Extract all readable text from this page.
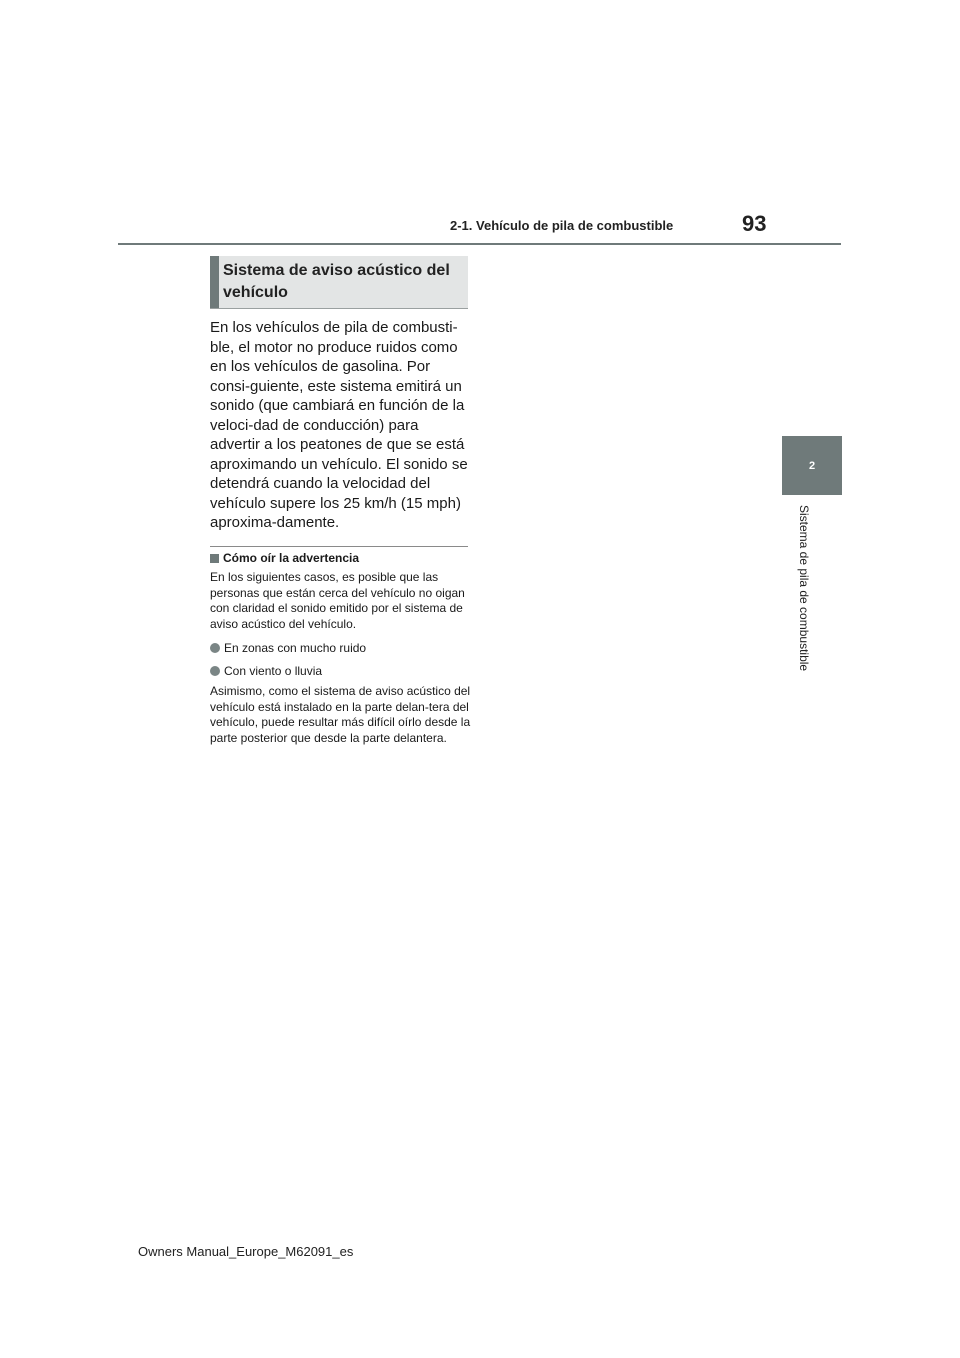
2-1. Vehículo de pila de combustible	93
2
Sistema de pila de combustible
Sistema de aviso acústico del vehículo

En los vehículos de pila de combusti-ble, el motor no produce ruidos como en los vehículos de gasolina. Por consi-guiente, este sistema emitirá un sonido (que cambiará en función de la veloci-dad de conducción) para advertir a los peatones de que se está aproximando un vehículo. El sonido se detendrá cuando la velocidad del vehículo supere los 25 km/h (15 mph) aproxima-damente.

Cómo oír la advertencia

En los siguientes casos, es posible que las personas que están cerca del vehículo no oigan con claridad el sonido emitido por el sistema de aviso acústico del vehículo.

En zonas con mucho ruido
Con viento o lluvia

Asimismo, como el sistema de aviso acústico del vehículo está instalado en la parte delan-tera del vehículo, puede resultar más difícil oírlo desde la parte posterior que desde la parte delantera.

Owners Manual_Europe_M62091_es
